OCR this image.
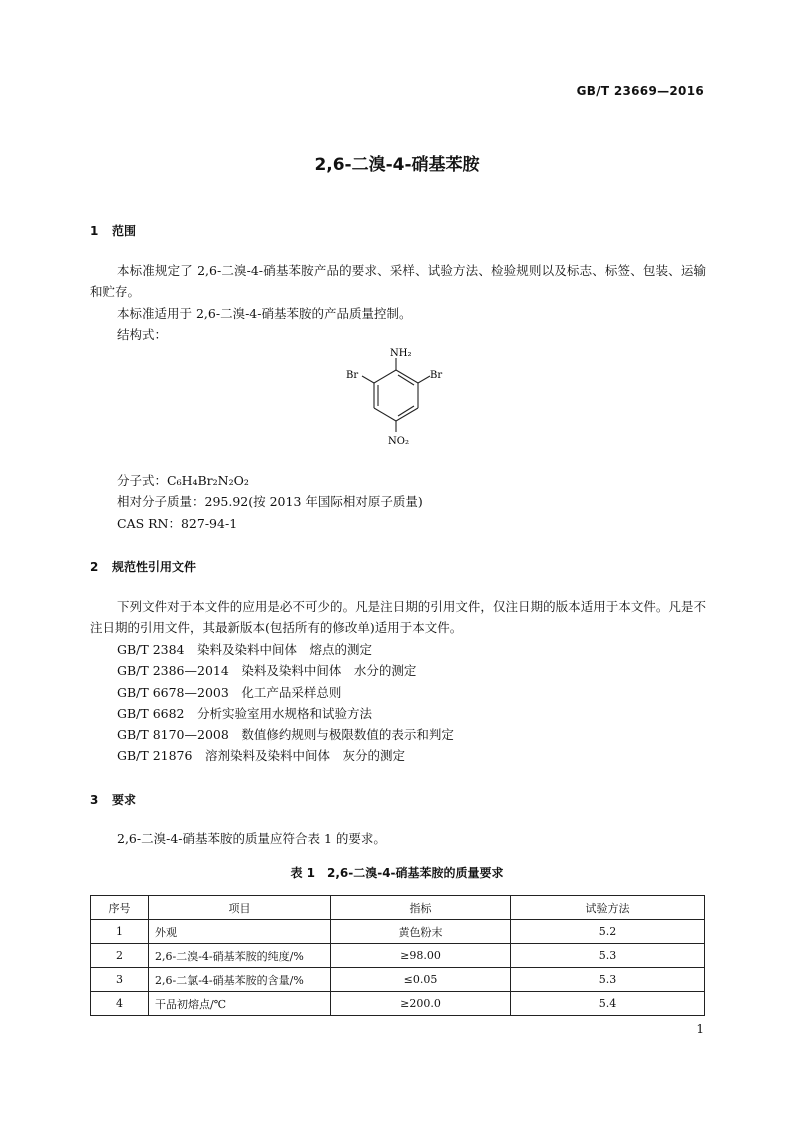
GB/T 23669—2016
2,6-二溴-4-硝基苯胺
1 范围
本标准规定了 2,6-二溴-4-硝基苯胺产品的要求、采样、试验方法、检验规则以及标志、标签、包装、运输和贮存。
本标准适用于 2,6-二溴-4-硝基苯胺的产品质量控制。
结构式：
NH₂
Br	Br
NO₂
分子式：C₆H₄Br₂N₂O₂
相对分子质量：295.92(按 2013 年国际相对原子质量)
CAS RN：827-94-1
2 规范性引用文件
下列文件对于本文件的应用是必不可少的。凡是注日期的引用文件，仅注日期的版本适用于本文件。凡是不注日期的引用文件，其最新版本(包括所有的修改单)适用于本文件。
GB/T 2384　染料及染料中间体　熔点的测定
GB/T 2386—2014　染料及染料中间体　水分的测定
GB/T 6678—2003　化工产品采样总则
GB/T 6682　分析实验室用水规格和试验方法
GB/T 8170—2008　数值修约规则与极限数值的表示和判定
GB/T 21876　溶剂染料及染料中间体　灰分的测定
3 要求
2,6-二溴-4-硝基苯胺的质量应符合表 1 的要求。
表 1　2,6-二溴-4-硝基苯胺的质量要求
序号	项目	指标	试验方法
1	外观	黄色粉末	5.2
2	2,6-二溴-4-硝基苯胺的纯度/%	≥98.00	5.3
3	2,6-二氯-4-硝基苯胺的含量/%	≤0.05	5.3
4	干品初熔点/℃	≥200.0	5.4
1
